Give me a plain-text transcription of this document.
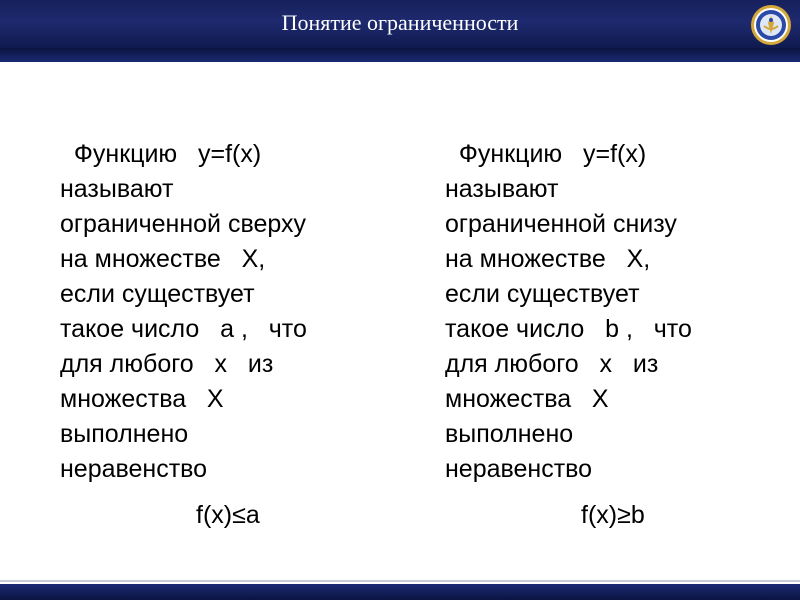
Понятие ограниченности
Функцию   y=f(x)
называют
ограниченной сверху
на множестве   X,
если существует
такое число   a ,   что
для любого   x   из
множества   X
выполнено
неравенство
f(x)≤a
Функцию   y=f(x)
называют
ограниченной снизу
на множестве   X,
если существует
такое число   b ,   что
для любого   x   из
множества   X
выполнено
неравенство
f(x)≥b
